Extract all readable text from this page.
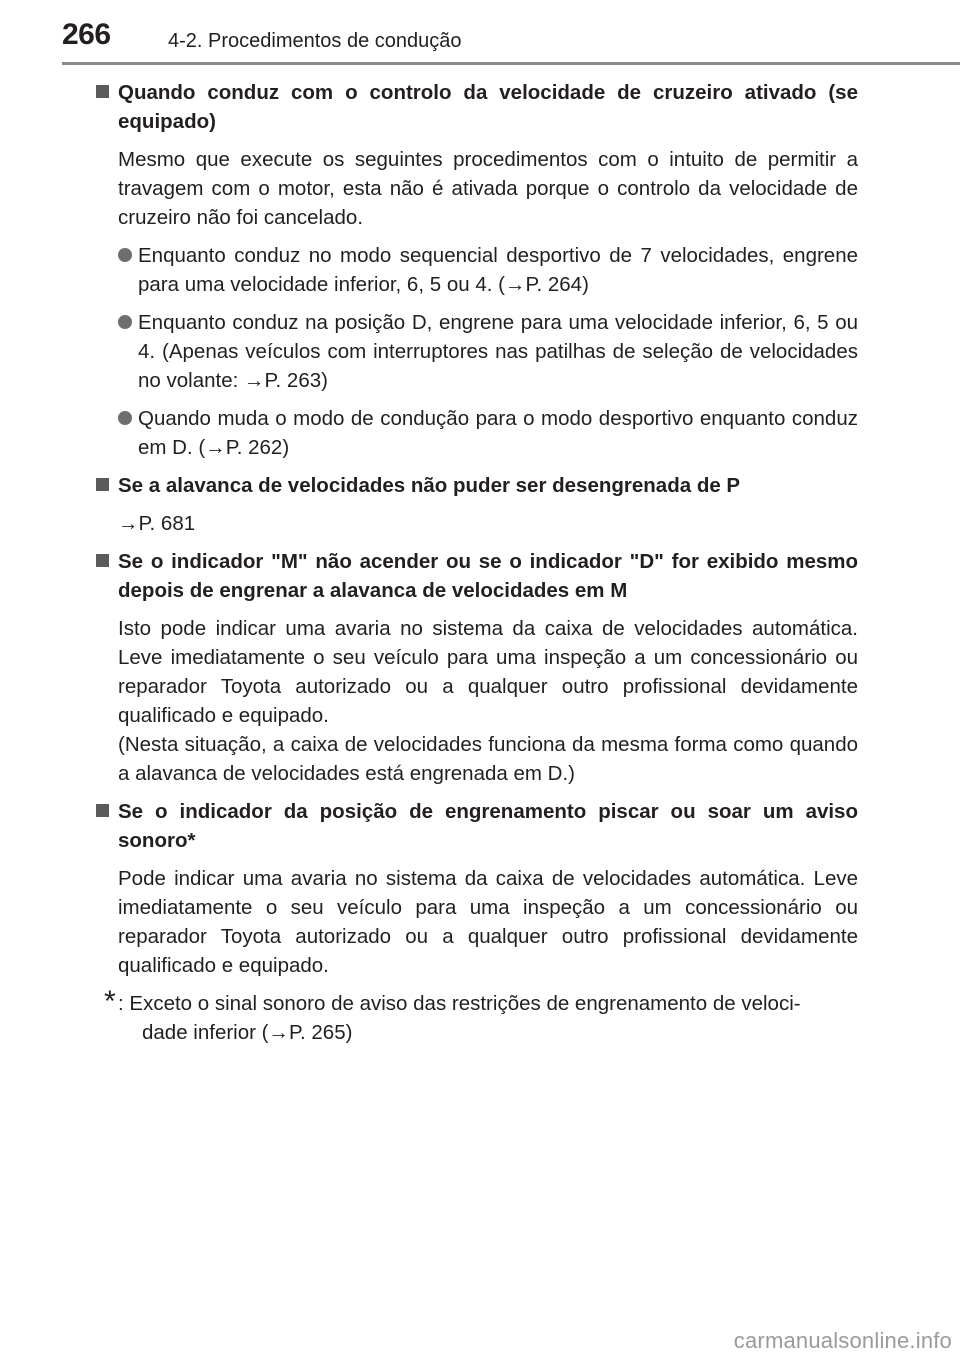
266	4-2. Procedimentos de condução
Quando conduz com o controlo da velocidade de cruzeiro ativado (se equipado)
Mesmo que execute os seguintes procedimentos com o intuito de permitir a travagem com o motor, esta não é ativada porque o controlo da velocidade de cruzeiro não foi cancelado.
Enquanto conduz no modo sequencial desportivo de 7 velocidades, engrene para uma velocidade inferior, 6, 5 ou 4. (→P. 264)
Enquanto conduz na posição D, engrene para uma velocidade inferior, 6, 5 ou 4. (Apenas veículos com interruptores nas patilhas de seleção de velocidades no volante: →P. 263)
Quando muda o modo de condução para o modo desportivo enquanto conduz em D. (→P. 262)
Se a alavanca de velocidades não puder ser desengrenada de P
→P. 681
Se o indicador "M" não acender ou se o indicador "D" for exibido mesmo depois de engrenar a alavanca de velocidades em M
Isto pode indicar uma avaria no sistema da caixa de velocidades automática. Leve imediatamente o seu veículo para uma inspeção a um concessionário ou reparador Toyota autorizado ou a qualquer outro profissional devidamente qualificado e equipado.
(Nesta situação, a caixa de velocidades funciona da mesma forma como quando a alavanca de velocidades está engrenada em D.)
Se o indicador da posição de engrenamento piscar ou soar um aviso sonoro*
Pode indicar uma avaria no sistema da caixa de velocidades automática. Leve imediatamente o seu veículo para uma inspeção a um concessionário ou reparador Toyota autorizado ou a qualquer outro profissional devidamente qualificado e equipado.
* : Exceto o sinal sonoro de aviso das restrições de engrenamento de veloci-
dade inferior (→P. 265)
carmanualsonline.info
